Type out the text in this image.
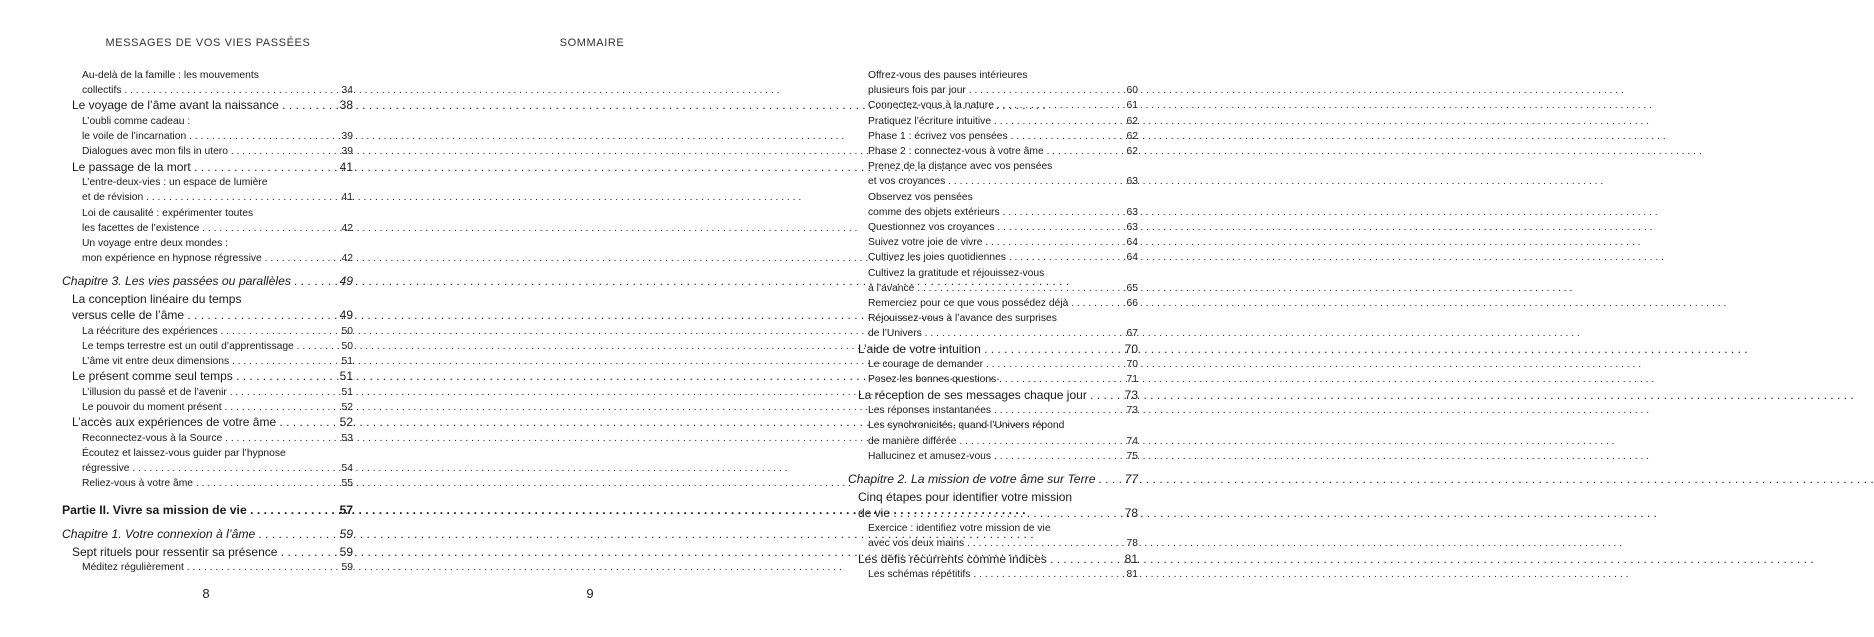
MESSAGES DE VOS VIES PASSÉES
Au-delà de la famille : les mouvements
collectifs . . .	34
Le voyage de l’âme avant la naissance . . .	38
L’oubli comme cadeau :
le voile de l’incarnation . . .	39
Dialogues avec mon fils in utero . . .	39
Le passage de la mort . . .	41
L’entre-deux-vies : un espace de lumière
et de révision . . .	41
Loi de causalité : expérimenter toutes
les facettes de l’existence . . .	42
Un voyage entre deux mondes :
mon expérience en hypnose régressive . . .	42
Chapitre 3. Les vies passées ou parallèles . . .	49
La conception linéaire du temps
versus celle de l’âme . . .	49
La réécriture des expériences . . .	50
Le temps terrestre est un outil d’apprentissage . . .	50
L’âme vit entre deux dimensions . . .	51
Le présent comme seul temps . . .	51
L’illusion du passé et de l’avenir . . .	51
Le pouvoir du moment présent . . .	52
L’accès aux expériences de votre âme . . .	52
Reconnectez-vous à la Source . . .	53
Écoutez et laissez-vous guider par l’hypnose
régressive . . .	54
Reliez-vous à votre âme . . .	55
Partie II. Vivre sa mission de vie . . .	57
Chapitre 1. Votre connexion à l’âme . . .	59
Sept rituels pour ressentir sa présence . . .	59
Méditez régulièrement . . .	59
8
SOMMAIRE
Offrez-vous des pauses intérieures
plusieurs fois par jour . . .	60
Connectez-vous à la nature . . .	61
Pratiquez l’écriture intuitive . . .	62
Phase 1 : écrivez vos pensées . . .	62
Phase 2 : connectez-vous à votre âme . . .	62
Prenez de la distance avec vos pensées
et vos croyances . . .	63
Observez vos pensées
comme des objets extérieurs . . .	63
Questionnez vos croyances . . .	63
Suivez votre joie de vivre . . .	64
Cultivez les joies quotidiennes . . .	64
Cultivez la gratitude et réjouissez-vous
à l’avance . . .	65
Remerciez pour ce que vous possédez déjà . . .	66
Réjouissez-vous à l’avance des surprises
de l’Univers . . .	67
L’aide de votre intuition . . .	70
Le courage de demander . . .	70
Posez les bonnes questions . . .	71
La réception de ses messages chaque jour . . .	73
Les réponses instantanées . . .	73
Les synchronicités, quand l’Univers répond
de manière différée . . .	74
Hallucinez et amusez-vous . . .	75
Chapitre 2. La mission de votre âme sur Terre . . .	77
Cinq étapes pour identifier votre mission
de vie . . .	78
Exercice : identifiez votre mission de vie
avec vos deux mains . . .	78
Les défis récurrents comme indices . . .	81
Les schémas répétitifs . . .	81
9
